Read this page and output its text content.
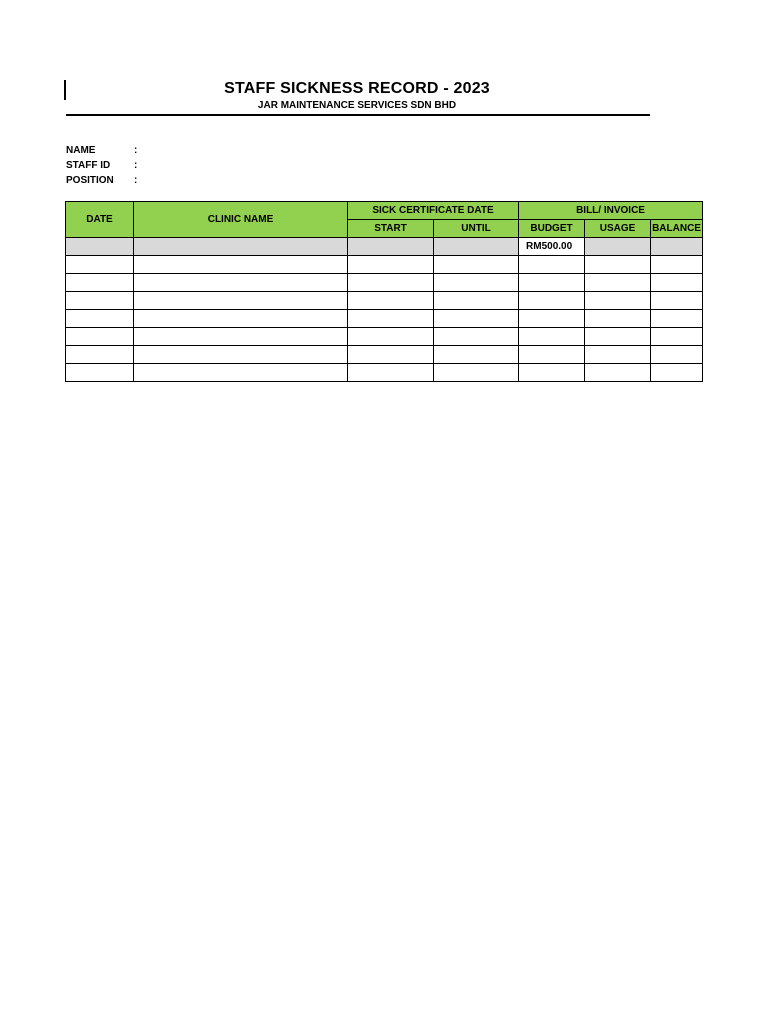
STAFF SICKNESS RECORD - 2023
JAR MAINTENANCE SERVICES SDN BHD
NAME	:
STAFF ID	:
POSITION	:
DATE	CLINIC NAME	SICK CERTIFICATE DATE		BILL/ INVOICE		
		START	UNTIL	BUDGET	USAGE	BALANCE
				RM500.00		
